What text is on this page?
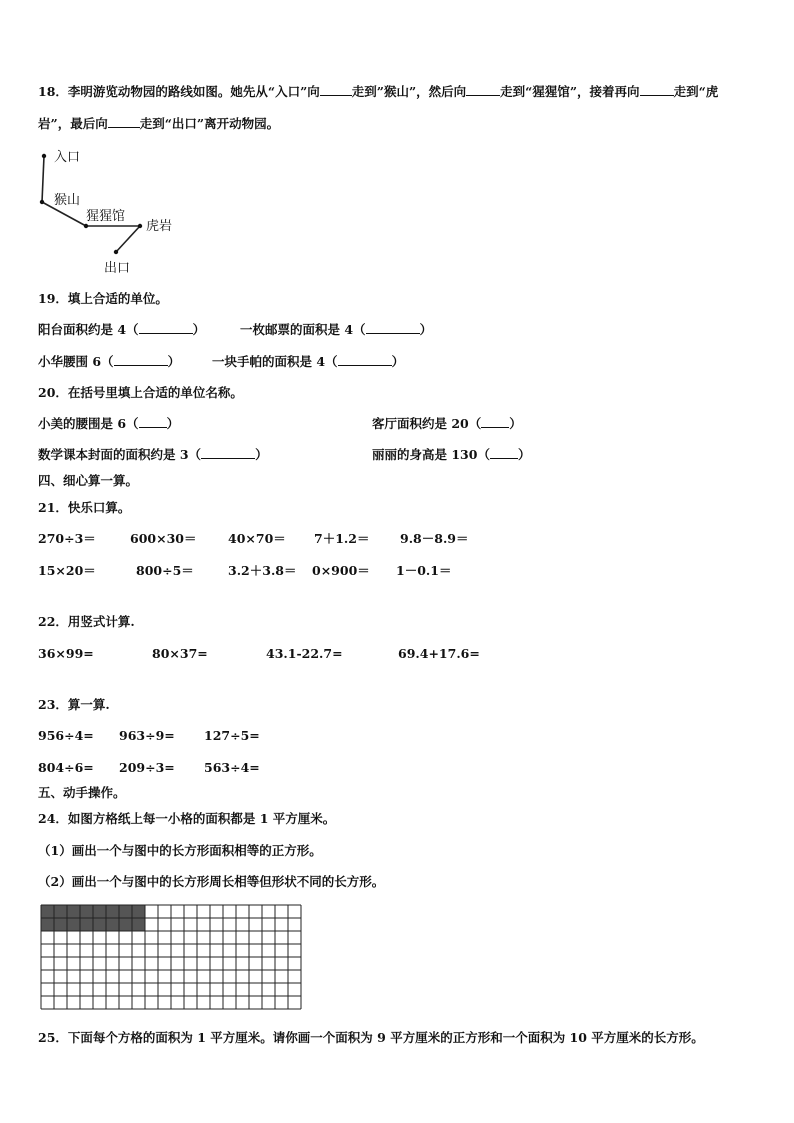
18．李明游览动物园的路线如图。她先从“入口”向	走到”猴山”，然后向	走到“猩猩馆”，接着再向	走到“虎
岩”，最后向	走到“出口”离开动物园。
入口
猴山
猩猩馆
虎岩
出口
19．填上合适的单位。
阳台面积约是 4（	）	一枚邮票的面积是 4（	）
小华腰围 6（	）	一块手帕的面积是 4（	）
20．在括号里填上合适的单位名称。
小美的腰围是 6（ ）	客厅面积约是 20（ ）
数学课本封面的面积约是 3（	）	丽丽的身高是 130（ ）
四、细心算一算。
21．快乐口算。
270÷3＝	600×30＝	40×70＝ 7＋1.2＝ 9.8－8.9＝
15×20＝	800÷5＝	3.2＋3.8＝ 0×900＝ 1－0.1＝
22．用竖式计算.
36×99=	80×37=	43.1-22.7=	69.4+17.6=
23．算一算.
956÷4= 963÷9= 127÷5=
804÷6= 209÷3= 563÷4=
五、动手操作。
24．如图方格纸上每一小格的面积都是 1 平方厘米。
（1）画出一个与图中的长方形面积相等的正方形。
（2）画出一个与图中的长方形周长相等但形状不同的长方形。
25．下面每个方格的面积为 1 平方厘米。请你画一个面积为 9 平方厘米的正方形和一个面积为 10 平方厘米的长方形。
